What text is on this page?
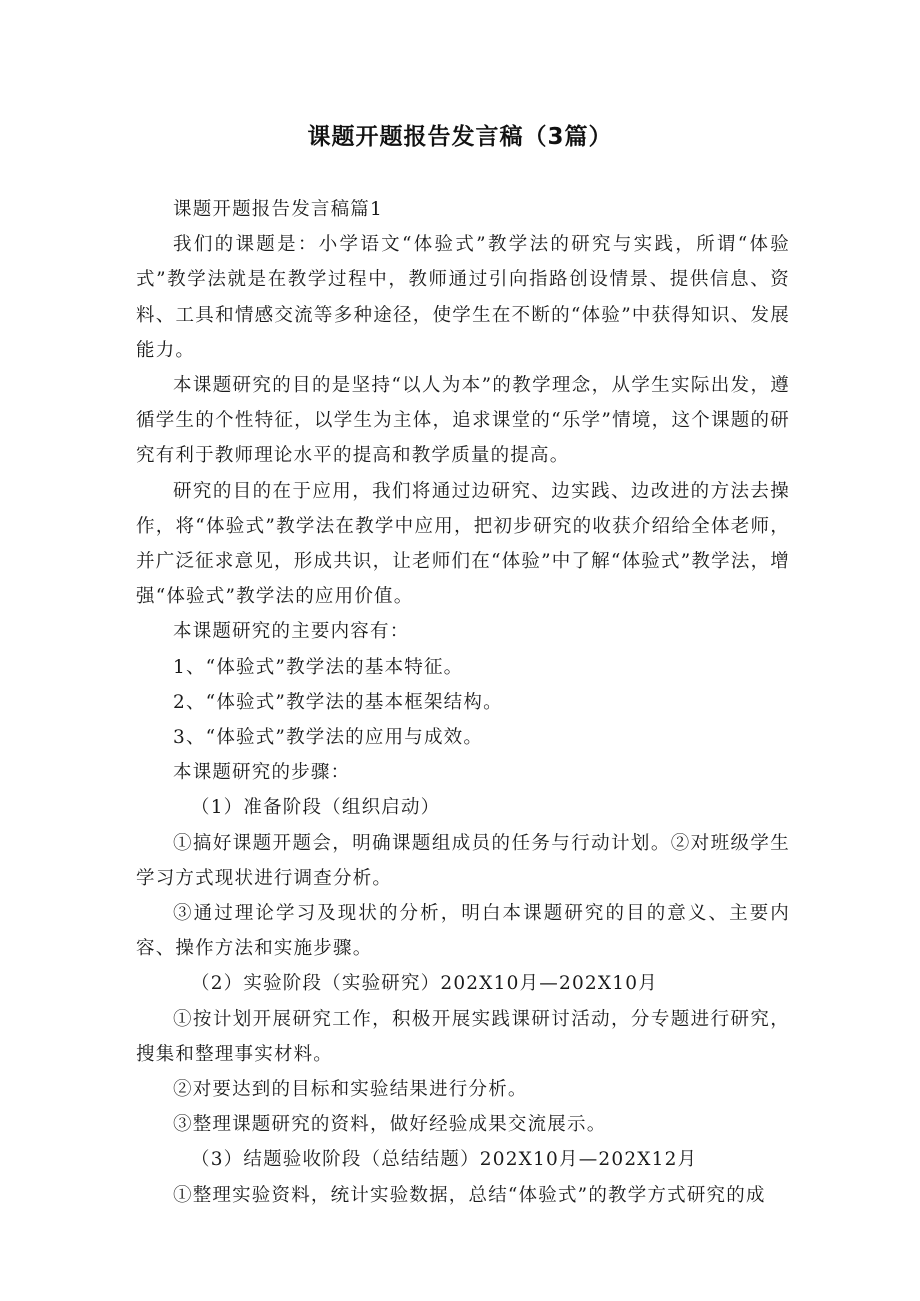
课题开题报告发言稿（3篇）

课题开题报告发言稿篇1

我们的课题是：小学语文“体验式”教学法的研究与实践，所谓“体验式”教学法就是在教学过程中，教师通过引向指路创设情景、提供信息、资料、工具和情感交流等多种途径，使学生在不断的“体验”中获得知识、发展能力。

本课题研究的目的是坚持“以人为本”的教学理念，从学生实际出发，遵循学生的个性特征，以学生为主体，追求课堂的“乐学”情境，这个课题的研究有利于教师理论水平的提高和教学质量的提高。

研究的目的在于应用，我们将通过边研究、边实践、边改进的方法去操作，将“体验式”教学法在教学中应用，把初步研究的收获介绍给全体老师，并广泛征求意见，形成共识，让老师们在“体验”中了解“体验式”教学法，增强“体验式”教学法的应用价值。

本课题研究的主要内容有：

1、“体验式”教学法的基本特征。

2、“体验式”教学法的基本框架结构。

3、“体验式”教学法的应用与成效。

本课题研究的步骤：

（1）准备阶段（组织启动）

①搞好课题开题会，明确课题组成员的任务与行动计划。②对班级学生学习方式现状进行调查分析。

③通过理论学习及现状的分析，明白本课题研究的目的意义、主要内容、操作方法和实施步骤。

（2）实验阶段（实验研究）202X10月—202X10月

①按计划开展研究工作，积极开展实践课研讨活动，分专题进行研究，搜集和整理事实材料。

②对要达到的目标和实验结果进行分析。

③整理课题研究的资料，做好经验成果交流展示。

（3）结题验收阶段（总结结题）202X10月—202X12月

①整理实验资料，统计实验数据，总结“体验式”的教学方式研究的成
